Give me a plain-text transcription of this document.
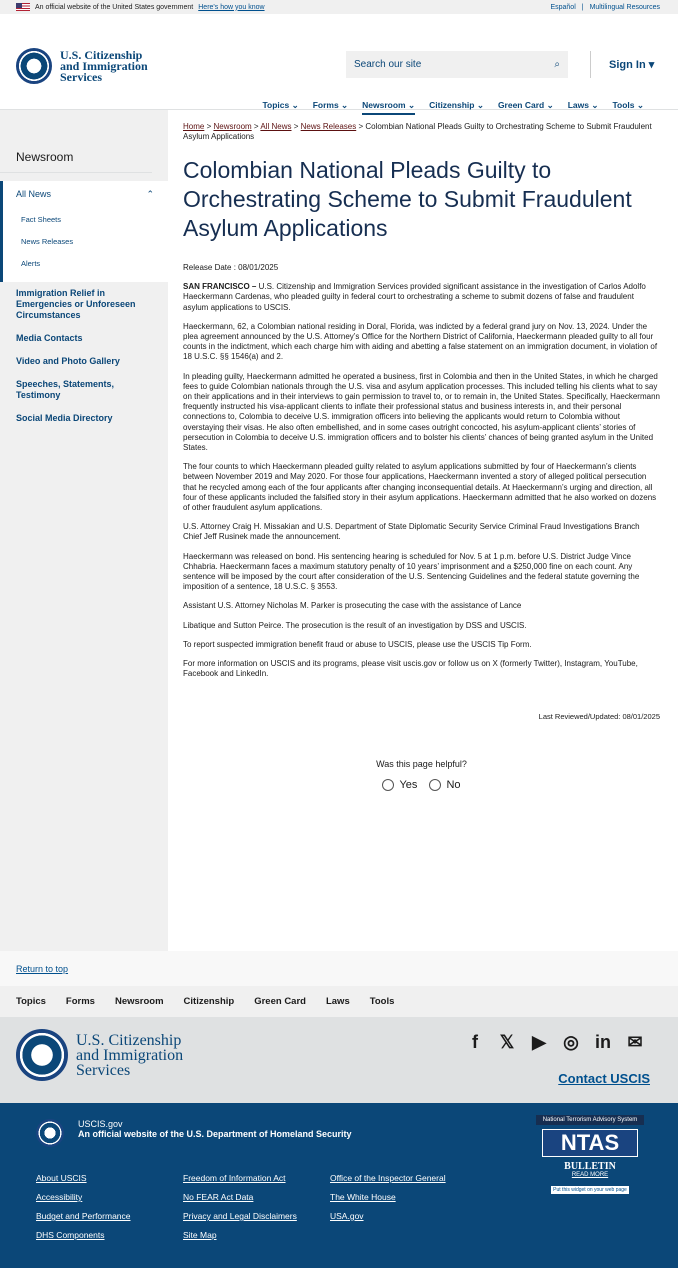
An official website of the United States government Here's how you know	Español | Multilingual Resources
U.S. Citizenship
and Immigration
Services
Search our site	⌕	Sign In ▾
Topics ⌄ Forms ⌄ Newsroom ⌄ Citizenship ⌄ Green Card ⌄ Laws ⌄ Tools ⌄
Newsroom
All News	⌃
Fact Sheets
News Releases
Alerts
Immigration Relief in Emergencies or Unforeseen Circumstances
Media Contacts
Video and Photo Gallery
Speeches, Statements, Testimony
Social Media Directory
Home > Newsroom > All News > News Releases > Colombian National Pleads Guilty to Orchestrating Scheme to Submit Fraudulent Asylum Applications
Colombian National Pleads Guilty to Orchestrating Scheme to Submit Fraudulent Asylum Applications
Release Date : 08/01/2025

SAN FRANCISCO – U.S. Citizenship and Immigration Services provided significant assistance in the investigation of Carlos Adolfo Haeckermann Cardenas, who pleaded guilty in federal court to orchestrating a scheme to submit dozens of false and fraudulent asylum applications to USCIS.

Haeckermann, 62, a Colombian national residing in Doral, Florida, was indicted by a federal grand jury on Nov. 13, 2024. Under the plea agreement announced by the U.S. Attorney’s Office for the Northern District of California, Haeckermann pleaded guilty to all four counts in the indictment, which each charge him with aiding and abetting a false statement on an immigration document, in violation of 18 U.S.C. §§ 1546(a) and 2.

In pleading guilty, Haeckermann admitted he operated a business, first in Colombia and then in the United States, in which he charged fees to guide Colombian nationals through the U.S. visa and asylum application processes. This included telling his clients what to say on their applications and in their interviews to gain permission to travel to, or to remain in, the United States. Specifically, Haeckermann frequently instructed his visa-applicant clients to inflate their professional status and business interests in, and their personal connections to, Colombia to deceive U.S. immigration officers into believing the applicants would return to Colombia without overstaying their visas. He also often embellished, and in some cases outright concocted, his asylum-applicant clients’ stories of persecution in Colombia to deceive U.S. immigration officers and to bolster his clients’ chances of being granted asylum in the United States.

The four counts to which Haeckermann pleaded guilty related to asylum applications submitted by four of Haeckermann’s clients between November 2019 and May 2020. For those four applications, Haeckermann invented a story of alleged political persecution that he recycled among each of the four applicants after changing inconsequential details. At Haeckermann’s urging and direction, all four of these applicants included the falsified story in their asylum applications. Haeckermann admitted that he also worked on dozens of other fraudulent asylum applications.

U.S. Attorney Craig H. Missakian and U.S. Department of State Diplomatic Security Service Criminal Fraud Investigations Branch Chief Jeff Rusinek made the announcement.

Haeckermann was released on bond. His sentencing hearing is scheduled for Nov. 5 at 1 p.m. before U.S. District Judge Vince Chhabria. Haeckermann faces a maximum statutory penalty of 10 years’ imprisonment and a $250,000 fine on each count. Any sentence will be imposed by the court after consideration of the U.S. Sentencing Guidelines and the federal statute governing the imposition of a sentence, 18 U.S.C. § 3553.

Assistant U.S. Attorney Nicholas M. Parker is prosecuting the case with the assistance of Lance

Libatique and Sutton Peirce. The prosecution is the result of an investigation by DSS and USCIS.

To report suspected immigration benefit fraud or abuse to USCIS, please use the USCIS Tip Form.

For more information on USCIS and its programs, please visit uscis.gov or follow us on X (formerly Twitter), Instagram, YouTube, Facebook and LinkedIn.

Last Reviewed/Updated: 08/01/2025
Was this page helpful?
Yes	No
Return to top
Topics Forms Newsroom Citizenship Green Card Laws Tools
U.S. Citizenship
and Immigration
Services
f	𝕏 ▶ ◎ in ✉
Contact USCIS
USCIS.gov
An official website of the U.S. Department of Homeland Security
About USCIS	Freedom of Information Act	Office of the Inspector General
Accessibility	No FEAR Act Data	The White House
Budget and Performance	Privacy and Legal Disclaimers	USA.gov
DHS Components	Site Map
National Terrorism Advisory System
NTAS
BULLETIN
READ MORE
Put this widget on your web page
